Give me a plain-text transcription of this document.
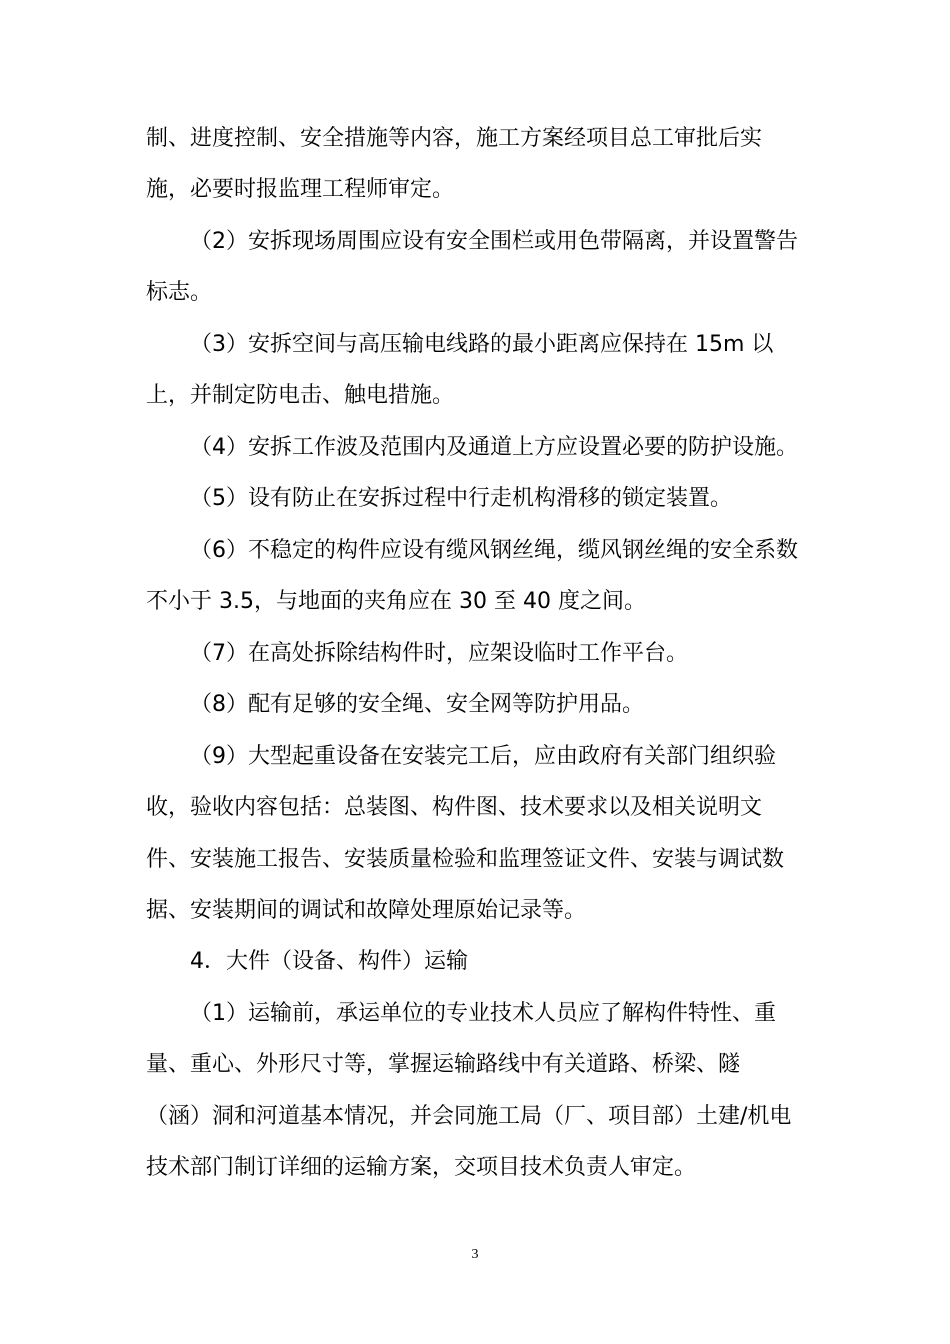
制、进度控制、安全措施等内容，施工方案经项目总工审批后实
施，必要时报监理工程师审定。
（2）安拆现场周围应设有安全围栏或用色带隔离，并设置警告
标志。
（3）安拆空间与高压输电线路的最小距离应保持在 15m 以
上，并制定防电击、触电措施。
（4）安拆工作波及范围内及通道上方应设置必要的防护设施。
（5）设有防止在安拆过程中行走机构滑移的锁定装置。
（6）不稳定的构件应设有缆风钢丝绳，缆风钢丝绳的安全系数
不小于 3.5，与地面的夹角应在 30 至 40 度之间。
（7）在高处拆除结构件时，应架设临时工作平台。
（8）配有足够的安全绳、安全网等防护用品。
（9）大型起重设备在安装完工后，应由政府有关部门组织验
收，验收内容包括：总装图、构件图、技术要求以及相关说明文
件、安装施工报告、安装质量检验和监理签证文件、安装与调试数
据、安装期间的调试和故障处理原始记录等。
4．大件（设备、构件）运输
（1）运输前，承运单位的专业技术人员应了解构件特性、重
量、重心、外形尺寸等，掌握运输路线中有关道路、桥梁、隧
（涵）洞和河道基本情况，并会同施工局（厂、项目部）土建/机电
技术部门制订详细的运输方案，交项目技术负责人审定。
3
